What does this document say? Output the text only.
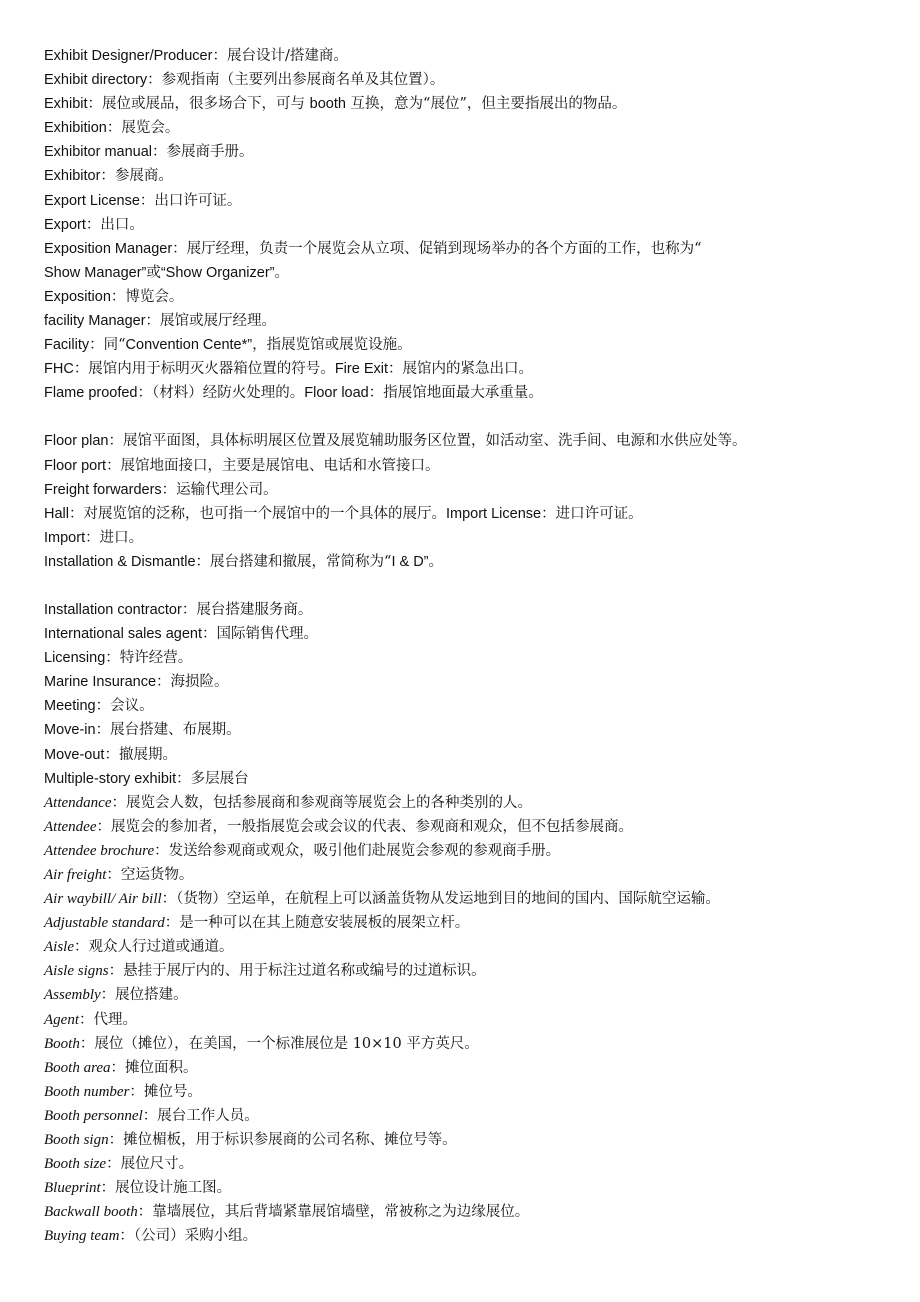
Exhibit Designer/Producer：展台设计/搭建商。
Exhibit directory：参观指南（主要列出参展商名单及其位置）。
Exhibit：展位或展品，很多场合下，可与 booth 互换，意为“展位”，但主要指展出的物品。
Exhibition：展览会。
Exhibitor manual：参展商手册。
Exhibitor：参展商。
Export License：出口许可证。
Export：出口。
Exposition Manager：展厅经理，负责一个展览会从立项、促销到现场举办的各个方面的工作，也称为“
Show Manager”或“Show Organizer”。
Exposition：博览会。
facility Manager：展馆或展厅经理。
Facility：同“Convention Cente*”，指展览馆或展览设施。
FHC：展馆内用于标明灭火器箱位置的符号。Fire Exit：展馆内的紧急出口。
Flame proofed：（材料）经防火处理的。Floor load：指展馆地面最大承重量。
Floor plan：展馆平面图，具体标明展区位置及展览辅助服务区位置，如活动室、洗手间、电源和水供应处等。
Floor port：展馆地面接口，主要是展馆电、电话和水管接口。
Freight forwarders：运输代理公司。
Hall：对展览馆的泛称，也可指一个展馆中的一个具体的展厅。Import License：进口许可证。
Import：进口。
Installation & Dismantle：展台搭建和撤展，常简称为“I & D”。
Installation contractor：展台搭建服务商。
International sales agent：国际销售代理。
Licensing：特许经营。
Marine Insurance：海损险。
Meeting：会议。
Move-in：展台搭建、布展期。
Move-out：撤展期。
Multiple-story exhibit：多层展台
Attendance：展览会人数，包括参展商和参观商等展览会上的各种类别的人。
Attendee：展览会的参加者，一般指展览会或会议的代表、参观商和观众，但不包括参展商。
Attendee brochure：发送给参观商或观众，吸引他们赴展览会参观的参观商手册。
Air freight：空运货物。
Air waybill/ Air bill：（货物）空运单，在航程上可以涵盖货物从发运地到目的地间的国内、国际航空运输。
Adjustable standard：是一种可以在其上随意安装展板的展架立杆。
Aisle：观众人行过道或通道。
Aisle signs：悬挂于展厅内的、用于标注过道名称或编号的过道标识。
Assembly：展位搭建。
Agent：代理。
Booth：展位（摊位），在美国，一个标准展位是 10×10 平方英尺。
Booth area：摊位面积。
Booth number：摊位号。
Booth personnel：展台工作人员。
Booth sign：摊位楣板，用于标识参展商的公司名称、摊位号等。
Booth size：展位尺寸。
Blueprint：展位设计施工图。
Backwall booth：靠墙展位，其后背墙紧靠展馆墙壁，常被称之为边缘展位。
Buying team：（公司）采购小组。
